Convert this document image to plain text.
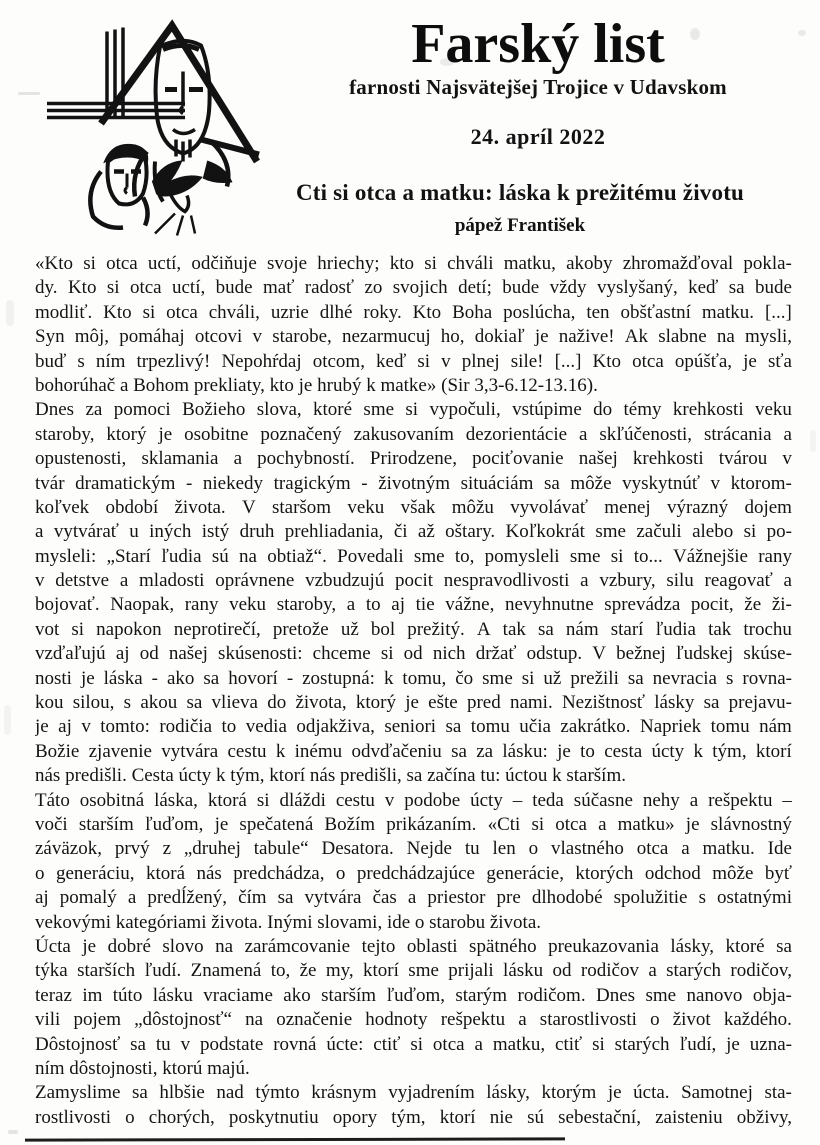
Farský list
farnosti Najsvätejšej Trojice v Udavskom
24. apríl 2022
Cti si otca a matku: láska k prežitému životu
pápež František
«Kto si otca uctí, odčiňuje svoje hriechy; kto si chváli matku, akoby zhromažďoval pokla-
dy. Kto si otca uctí, bude mať radosť zo svojich detí; bude vždy vyslyšaný, keď sa bude
modliť. Kto si otca chváli, uzrie dlhé roky. Kto Boha poslúcha, ten obšťastní matku. [...]
Syn môj, pomáhaj otcovi v starobe, nezarmucuj ho, dokiaľ je nažive! Ak slabne na mysli,
buď s ním trpezlivý! Nepohŕdaj otcom, keď si v plnej sile! [...] Kto otca opúšťa, je sťa
bohorúhač a Bohom prekliaty, kto je hrubý k matke» (Sir 3,3-6.12-13.16).
Dnes za pomoci Božieho slova, ktoré sme si vypočuli, vstúpime do témy krehkosti veku
staroby, ktorý je osobitne poznačený zakusovaním dezorientácie a skľúčenosti, strácania a
opustenosti, sklamania a pochybností. Prirodzene, pociťovanie našej krehkosti tvárou v
tvár dramatickým - niekedy tragickým - životným situáciám sa môže vyskytnúť v ktorom-
koľvek období života. V staršom veku však môžu vyvolávať menej výrazný dojem
a vytvárať u iných istý druh prehliadania, či až oštary. Koľkokrát sme začuli alebo si po-
mysleli: „Starí ľudia sú na obtiaž“. Povedali sme to, pomysleli sme si to... Vážnejšie rany
v detstve a mladosti oprávnene vzbudzujú pocit nespravodlivosti a vzbury, silu reagovať a
bojovať. Naopak, rany veku staroby, a to aj tie vážne, nevyhnutne sprevádza pocit, že ži-
vot si napokon neprotirečí, pretože už bol prežitý. A tak sa nám starí ľudia tak trochu
vzďaľujú aj od našej skúsenosti: chceme si od nich držať odstup. V bežnej ľudskej skúse-
nosti je láska - ako sa hovorí - zostupná: k tomu, čo sme si už prežili sa nevracia s rovna-
kou silou, s akou sa vlieva do života, ktorý je ešte pred nami. Nezištnosť lásky sa prejavu-
je aj v tomto: rodičia to vedia odjakživa, seniori sa tomu učia zakrátko. Napriek tomu nám
Božie zjavenie vytvára cestu k inému odvďačeniu sa za lásku: je to cesta úcty k tým, ktorí
nás predišli. Cesta úcty k tým, ktorí nás predišli, sa začína tu: úctou k starším.
Táto osobitná láska, ktorá si dláždi cestu v podobe úcty – teda súčasne nehy a rešpektu –
voči starším ľuďom, je spečatená Božím prikázaním. «Cti si otca a matku» je slávnostný
záväzok, prvý z „druhej tabule“ Desatora. Nejde tu len o vlastného otca a matku. Ide
o generáciu, ktorá nás predchádza, o predchádzajúce generácie, ktorých odchod môže byť
aj pomalý a predĺžený, čím sa vytvára čas a priestor pre dlhodobé spolužitie s ostatnými
vekovými kategóriami života. Inými slovami, ide o starobu života.
Úcta je dobré slovo na zarámcovanie tejto oblasti spätného preukazovania lásky, ktoré sa
týka starších ľudí. Znamená to, že my, ktorí sme prijali lásku od rodičov a starých rodičov,
teraz im túto lásku vraciame ako starším ľuďom, starým rodičom. Dnes sme nanovo obja-
vili pojem „dôstojnosť“ na označenie hodnoty rešpektu a starostlivosti o život každého.
Dôstojnosť sa tu v podstate rovná úcte: ctiť si otca a matku, ctiť si starých ľudí, je uzna-
ním dôstojnosti, ktorú majú.
Zamyslime sa hlbšie nad týmto krásnym vyjadrením lásky, ktorým je úcta. Samotnej sta-
rostlivosti o chorých, poskytnutiu opory tým, ktorí nie sú sebestační, zaisteniu obživy,
